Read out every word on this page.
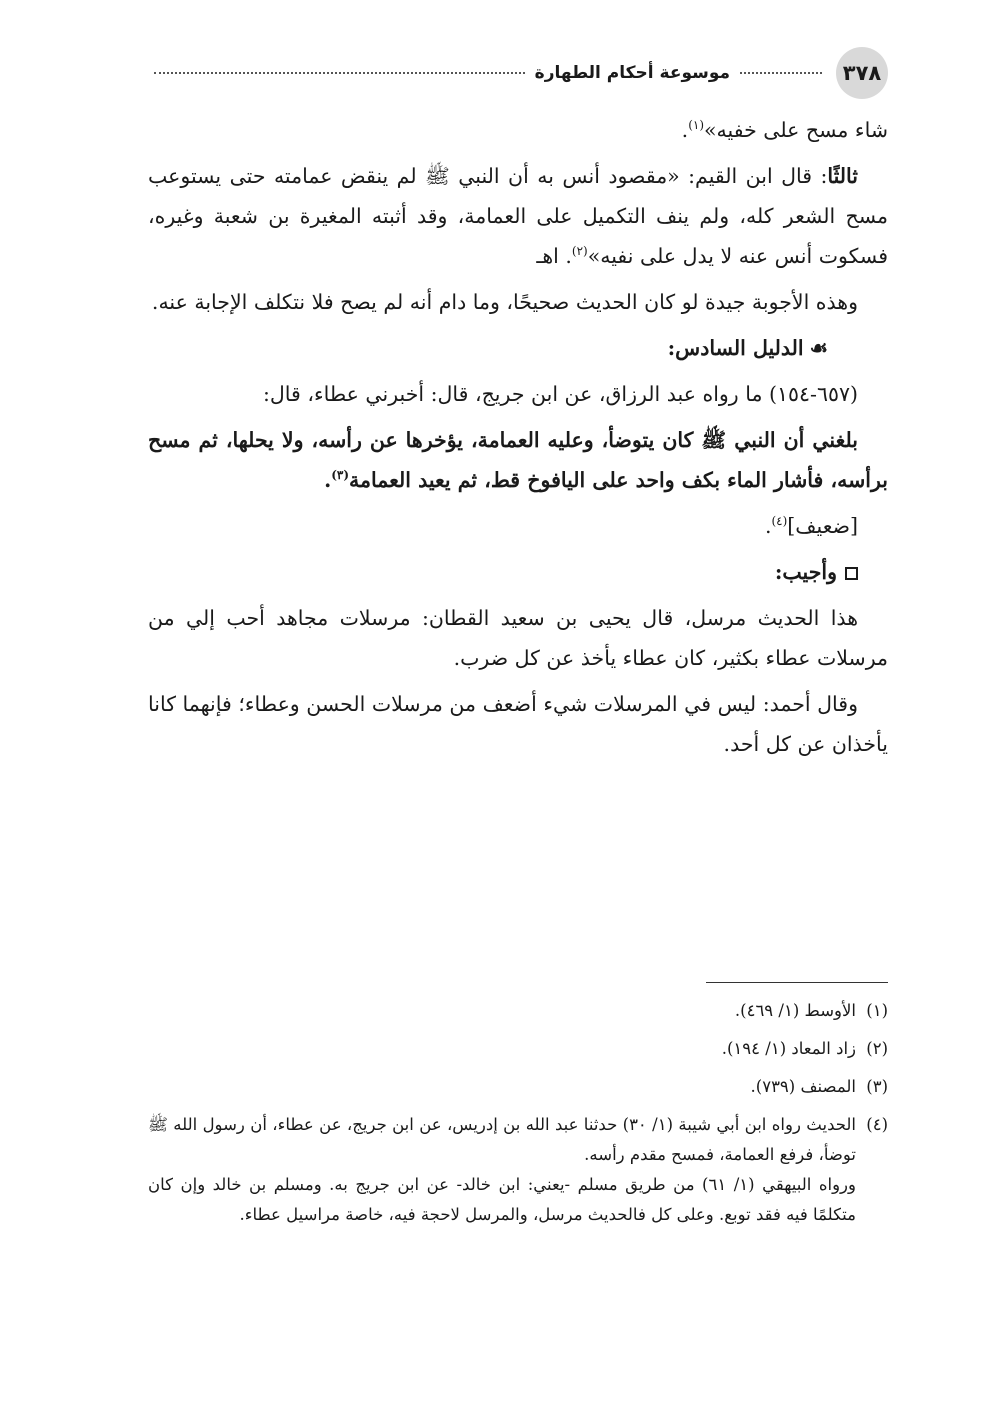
٣٧٨
موسوعة أحكام الطهارة

شاء مسح على خفيه»$^{(١)}$.

ثالثًا: قال ابن القيم: «مقصود أنس به أن النبي ﷺ لم ينقض عمامته حتى يستوعب مسح الشعر كله، ولم ينف التكميل على العمامة، وقد أثبته المغيرة بن شعبة وغيره، فسكوت أنس عنه لا يدل على نفيه»$^{(٢)}$. اهـ

وهذه الأجوبة جيدة لو كان الحديث صحيحًا، وما دام أنه لم يصح فلا نتكلف الإجابة عنه.

☙الدليل السادس:

(٦٥٧-١٥٤) ما رواه عبد الرزاق، عن ابن جريج، قال: أخبرني عطاء، قال:

بلغني أن النبي ﷺ كان يتوضأ، وعليه العمامة، يؤخرها عن رأسه، ولا يحلها، ثم مسح برأسه، فأشار الماء بكف واحد على اليافوخ قط، ثم يعيد العمامة$^{(٣)}$.

[ضعيف]$^{(٤)}$.

وأجيب:

هذا الحديث مرسل، قال يحيى بن سعيد القطان: مرسلات مجاهد أحب إلي من مرسلات عطاء بكثير، كان عطاء يأخذ عن كل ضرب.

وقال أحمد: ليس في المرسلات شيء أضعف من مرسلات الحسن وعطاء؛ فإنهما كانا يأخذان عن كل أحد.

(١)
الأوسط (١/ ٤٦٩).
(٢)
زاد المعاد (١/ ١٩٤).
(٣)
المصنف (٧٣٩).
(٤)

الحديث رواه ابن أبي شيبة (١/ ٣٠) حدثنا عبد الله بن إدريس، عن ابن جريج، عن عطاء، أن رسول الله ﷺ توضأ، فرفع العمامة، فمسح مقدم رأسه.

ورواه البيهقي (١/ ٦١) من طريق مسلم -يعني: ابن خالد- عن ابن جريج به. ومسلم بن خالد وإن كان متكلمًا فيه فقد توبع. وعلى كل فالحديث مرسل، والمرسل لاحجة فيه، خاصة مراسيل عطاء.
